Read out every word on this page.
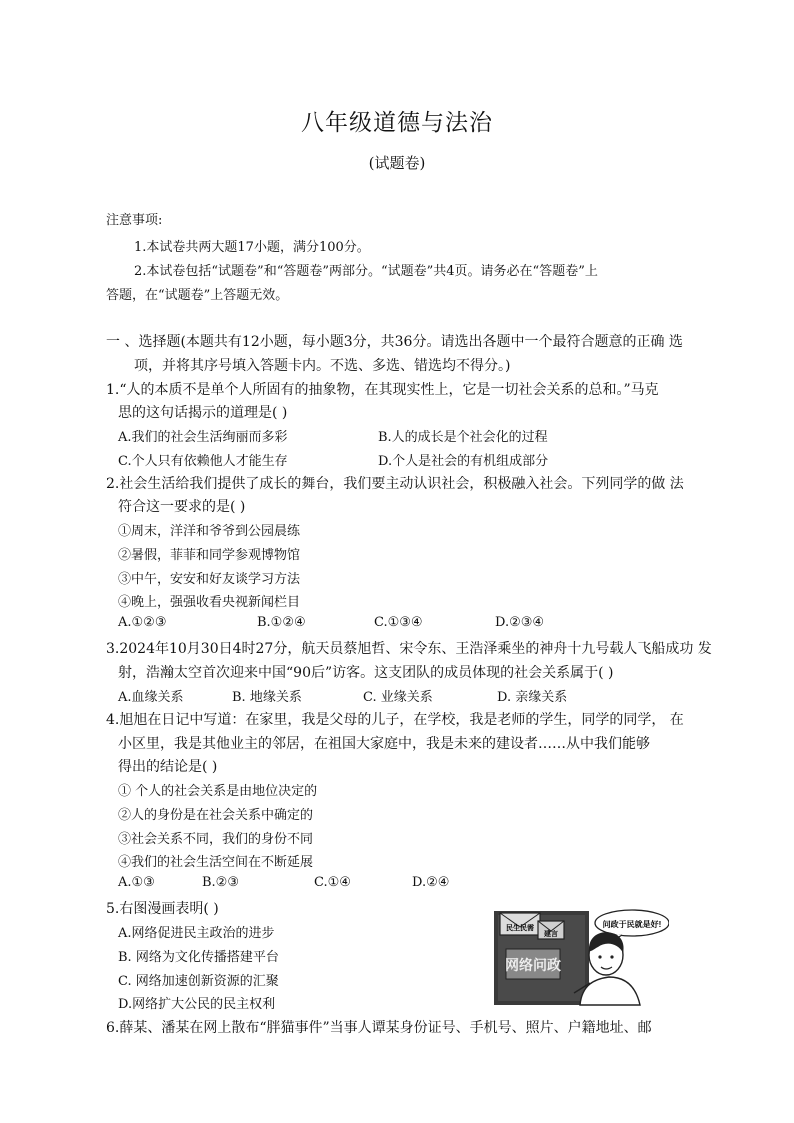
八年级道德与法治
(试题卷)
注意事项:
1.本试卷共两大题17小题，满分100分。
2.本试卷包括“试题卷”和“答题卷”两部分。“试题卷”共4页。请务必在“答题卷”上
答题，在“试题卷”上答题无效。
一 、选择题(本题共有12小题，每小题3分，共36分。请选出各题中一个最符合题意的正确 选
项，并将其序号填入答题卡内。不选、多选、错选均不得分。)
1.“人的本质不是单个人所固有的抽象物，在其现实性上，它是一切社会关系的总和。”马克
思的这句话揭示的道理是( )
A.我们的社会生活绚丽而多彩	B.人的成长是个社会化的过程
C.个人只有依赖他人才能生存	D.个人是社会的有机组成部分
2.社会生活给我们提供了成长的舞台，我们要主动认识社会，积极融入社会。下列同学的做 法
符合这一要求的是( )
①周末，洋洋和爷爷到公园晨练
②暑假，菲菲和同学参观博物馆
③中午，安安和好友谈学习方法
④晚上，强强收看央视新闻栏目
A.①②③	B.①②④	C.①③④	D.②③④
3.2024年10月30日4时27分，航天员蔡旭哲、宋令东、王浩泽乘坐的神舟十九号载人飞船成功 发
射，浩瀚太空首次迎来中国“90后”访客。这支团队的成员体现的社会关系属于( )
A.血缘关系	B. 地缘关系	C. 业缘关系	D. 亲缘关系
4.旭旭在日记中写道：在家里，我是父母的儿子，在学校，我是老师的学生，同学的同学， 在
小区里，我是其他业主的邻居，在祖国大家庭中，我是未来的建设者……从中我们能够
得出的结论是( )
① 个人的社会关系是由地位决定的
②人的身份是在社会关系中确定的
③社会关系不同，我们的身份不同
④我们的社会生活空间在不断延展
A.①③	B.②③	C.①④	D.②④
5.右图漫画表明( )
A.网络促进民主政治的进步
B. 网络为文化传播搭建平台
C. 网络加速创新资源的汇聚
D.网络扩大公民的民主权利
民生民需
建言
网络问政
问政于民就是好!
6.薛某、潘某在网上散布“胖猫事件”当事人谭某身份证号、手机号、照片、户籍地址、邮
